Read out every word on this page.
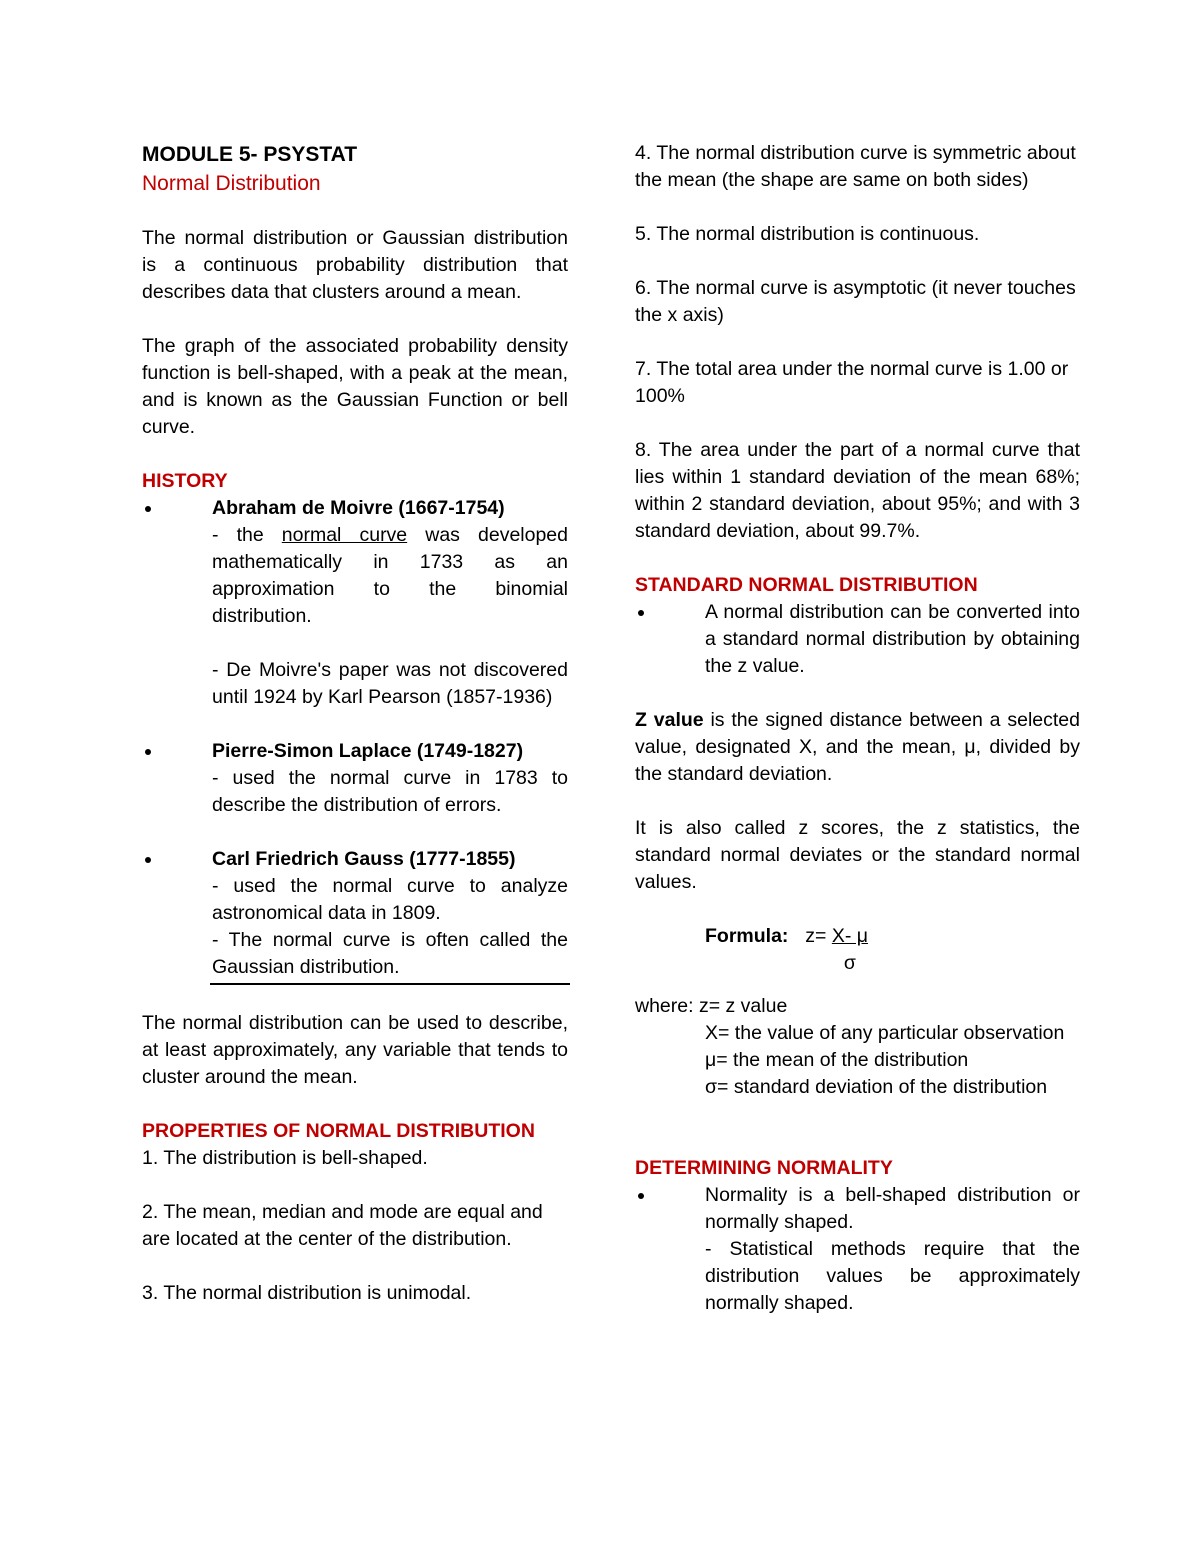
MODULE 5- PSYSTAT

Normal Distribution

The normal distribution or Gaussian distribution is a continuous probability distribution that describes data that clusters around a mean.

The graph of the associated probability density function is bell-shaped, with a peak at the mean, and is known as the Gaussian Function or bell curve.

HISTORY

Abraham de Moivre (1667-1754)

- the normal curve was developed mathematically in 1733 as an approximation to the binomial distribution.

- De Moivre's paper was not discovered until 1924 by Karl Pearson (1857-1936)

Pierre-Simon Laplace (1749-1827)

- used the normal curve in 1783 to describe the distribution of errors.

Carl Friedrich Gauss (1777-1855)

- used the normal curve to analyze astronomical data in 1809.

- The normal curve is often called the Gaussian distribution.

The normal distribution can be used to describe, at least approximately, any variable that tends to cluster around the mean.

PROPERTIES OF NORMAL DISTRIBUTION

1. The distribution is bell-shaped.

2. The mean, median and mode are equal and are located at the center of the distribution.

3. The normal distribution is unimodal.

4. The normal distribution curve is symmetric about the mean (the shape are same on both sides)

5. The normal distribution is continuous.

6. The normal curve is asymptotic (it never touches the x axis)

7. The total area under the normal curve is 1.00 or 100%

8. The area under the part of a normal curve that lies within 1 standard deviation of the mean 68%; within 2 standard deviation, about 95%; and with 3 standard deviation, about 99.7%.

STANDARD NORMAL DISTRIBUTION

A normal distribution can be converted into a standard normal distribution by obtaining the z value.

Z value is the signed distance between a selected value, designated X, and the mean, μ, divided by the standard deviation.

It is also called z scores, the z statistics, the standard normal deviates or the standard normal values.

Formula: $z= \frac{X- \mu}{\sigma}$

where: z= z value

X= the value of any particular observation

μ= the mean of the distribution

σ= standard deviation of the distribution

DETERMINING NORMALITY

Normality is a bell-shaped distribution or normally shaped.

- Statistical methods require that the distribution values be approximately normally shaped.
